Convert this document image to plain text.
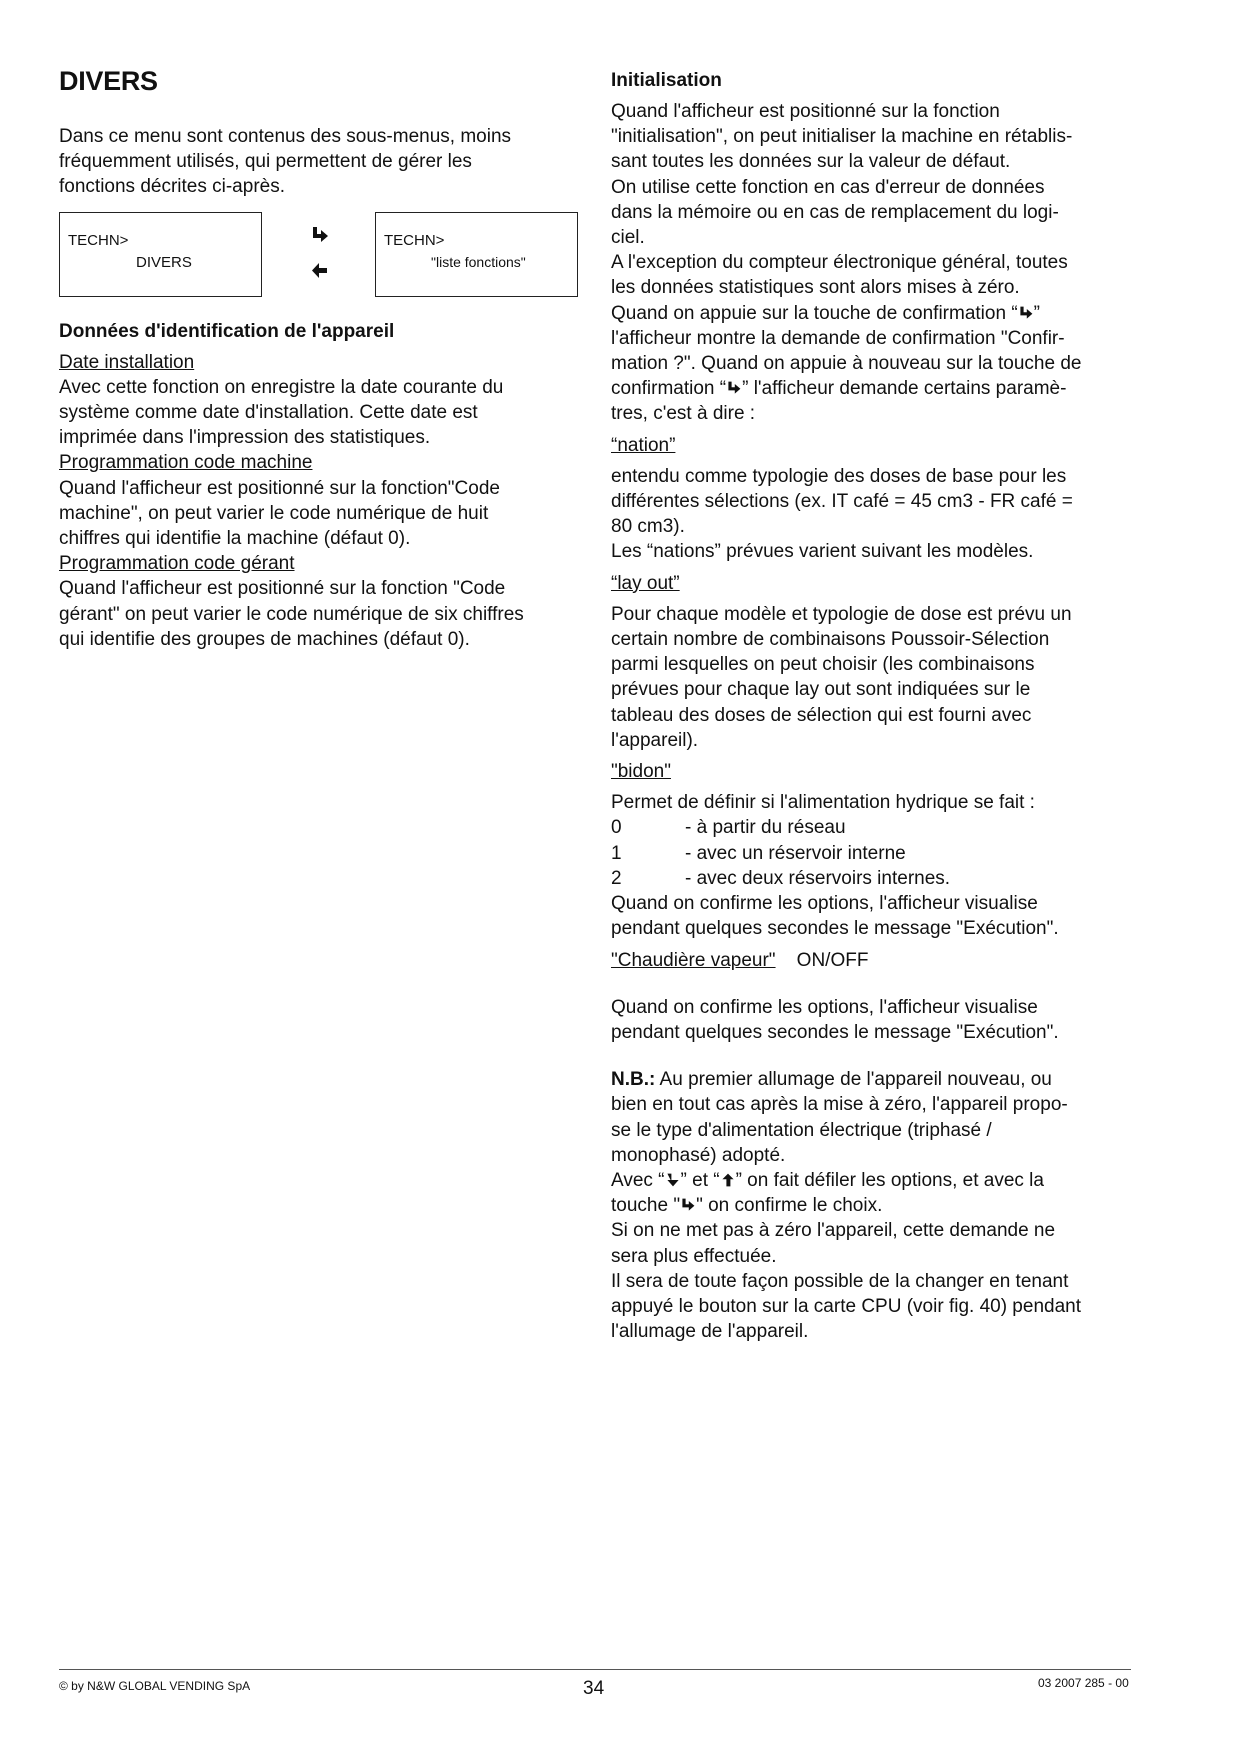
DIVERS

Dans ce menu sont contenus des sous-menus, moins

fréquemment utilisés, qui permettent de gérer les

fonctions décrites ci-après.

TECHN>
DIVERS
TECHN>
"liste fonctions"

Données d'identification de l'appareil

Date installation

Avec cette fonction on enregistre la date courante du

système comme date d'installation. Cette date est

imprimée dans l'impression des statistiques.

Programmation code machine

Quand l'afficheur est positionné sur la fonction"Code

machine", on peut varier le code numérique de huit

chiffres qui identifie la machine (défaut 0).

Programmation code gérant

Quand l'afficheur est positionné sur la fonction "Code

gérant" on peut varier le code numérique de six chiffres

qui identifie des groupes de machines (défaut 0).

Initialisation

Quand l'afficheur est positionné sur la fonction

"initialisation", on peut initialiser la machine en rétablis-

sant toutes les données sur la valeur de défaut.

On utilise cette fonction en cas d'erreur de données

dans la mémoire ou en cas de remplacement du logi-

ciel.

A l'exception du compteur électronique général, toutes

les données statistiques sont alors mises à zéro.

Quand on appuie sur la touche de confirmation “ ”

l'afficheur montre la demande de confirmation "Confir-

mation ?". Quand on appuie à nouveau sur la touche de

confirmation “ ” l'afficheur demande certains paramè-

tres, c'est à dire :

“nation”

entendu comme typologie des doses de base pour les

différentes sélections (ex. IT café = 45 cm3 - FR café =

80 cm3).

Les “nations” prévues varient suivant les modèles.

“lay out”

Pour chaque modèle et typologie de dose est prévu un

certain nombre de combinaisons Poussoir-Sélection

parmi lesquelles on peut choisir (les combinaisons

prévues pour chaque lay out sont indiquées sur le

tableau des doses de sélection qui est fourni avec

l'appareil).

"bidon"

Permet de définir si l'alimentation hydrique se fait :

0	- à partir du réseau
1	- avec un réservoir interne
2	- avec deux réservoirs internes.

Quand on confirme les options, l'afficheur visualise

pendant quelques secondes le message "Exécution".

"Chaudière vapeur" ON/OFF

Quand on confirme les options, l'afficheur visualise

pendant quelques secondes le message "Exécution".

N.B.: Au premier allumage de l'appareil nouveau, ou

bien en tout cas après la mise à zéro, l'appareil propo-

se le type d'alimentation électrique (triphasé /

monophasé) adopté.

Avec “ ” et “ ” on fait défiler les options, et avec la

touche " " on confirme le choix.

Si on ne met pas à zéro l'appareil, cette demande ne

sera plus effectuée.

Il sera de toute façon possible de la changer en tenant

appuyé le bouton sur la carte CPU (voir fig. 40) pendant

l'allumage de l'appareil.

© by N&W GLOBAL VENDING SpA	34	03 2007 285 - 00
